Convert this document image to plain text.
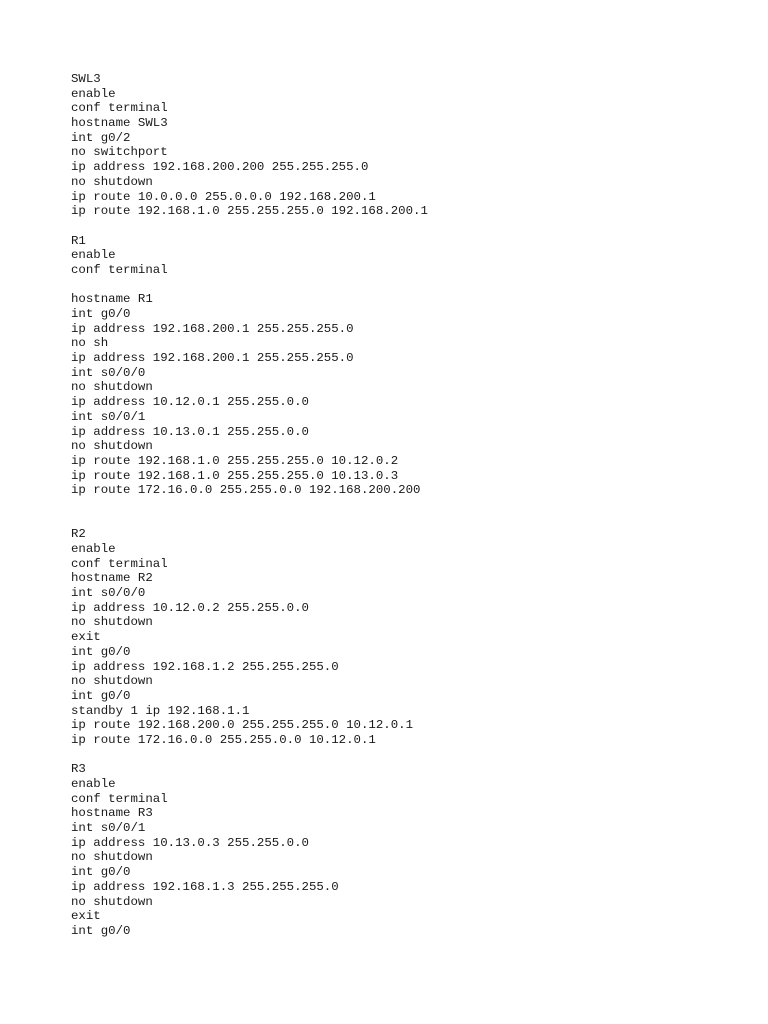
SWL3
enable
conf terminal
hostname SWL3
int g0/2
no switchport
ip address 192.168.200.200 255.255.255.0
no shutdown
ip route 10.0.0.0 255.0.0.0 192.168.200.1
ip route 192.168.1.0 255.255.255.0 192.168.200.1
R1
enable
conf terminal
hostname R1
int g0/0
ip address 192.168.200.1 255.255.255.0
no sh
ip address 192.168.200.1 255.255.255.0
int s0/0/0
no shutdown
ip address 10.12.0.1 255.255.0.0
int s0/0/1
ip address 10.13.0.1 255.255.0.0
no shutdown
ip route 192.168.1.0 255.255.255.0 10.12.0.2
ip route 192.168.1.0 255.255.255.0 10.13.0.3
ip route 172.16.0.0 255.255.0.0 192.168.200.200
R2
enable
conf terminal
hostname R2
int s0/0/0
ip address 10.12.0.2 255.255.0.0
no shutdown
exit
int g0/0
ip address 192.168.1.2 255.255.255.0
no shutdown
int g0/0
standby 1 ip 192.168.1.1
ip route 192.168.200.0 255.255.255.0 10.12.0.1
ip route 172.16.0.0 255.255.0.0 10.12.0.1
R3
enable
conf terminal
hostname R3
int s0/0/1
ip address 10.13.0.3 255.255.0.0
no shutdown
int g0/0
ip address 192.168.1.3 255.255.255.0
no shutdown
exit
int g0/0
